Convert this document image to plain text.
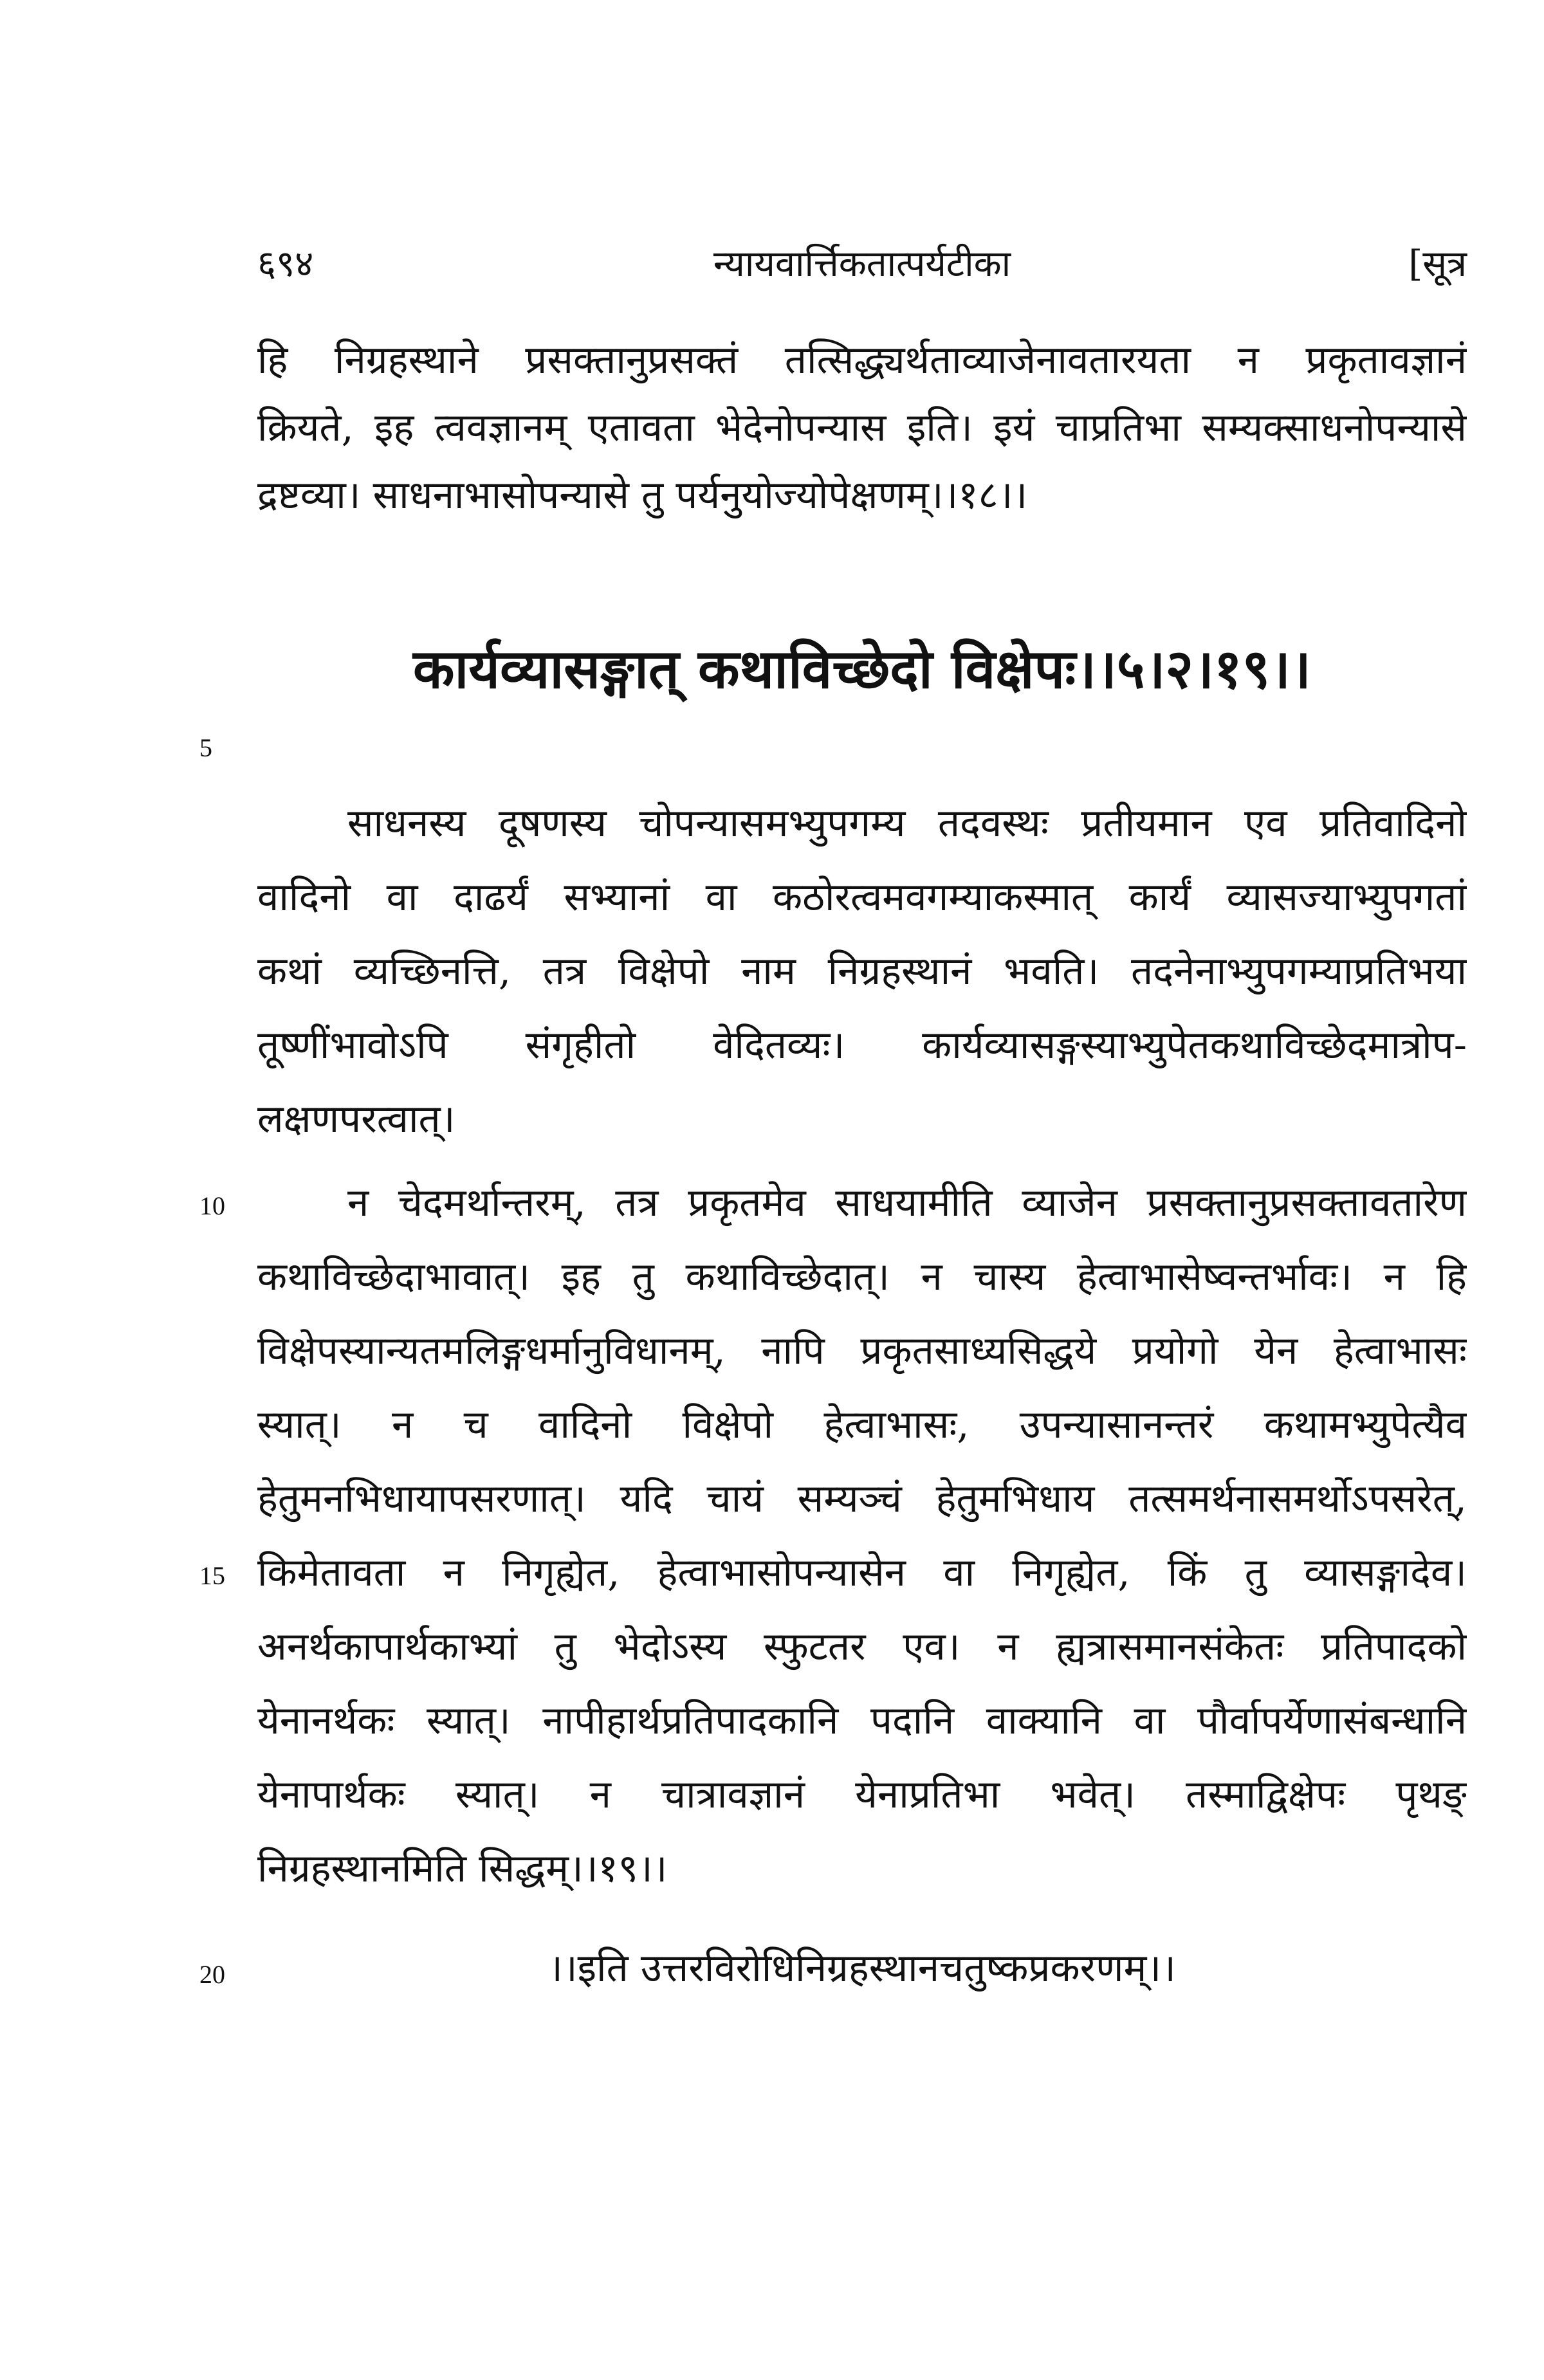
६९४	न्यायवार्त्तिकतात्पर्यटीका	[सूत्र
हि निग्रहस्थाने प्रसक्तानुप्रसक्तं तत्सिद्ध्यर्थताव्याजेनावतारयता न प्रकृतावज्ञानं
क्रियते, इह त्ववज्ञानम् एतावता भेदेनोपन्यास इति। इयं चाप्रतिभा सम्यक्साधनोपन्यासे
द्रष्टव्या। साधनाभासोपन्यासे तु पर्यनुयोज्योपेक्षणम्।।१८।।
कार्यव्यासङ्गात् कथाविच्छेदो विक्षेपः।।५।२।१९।।
5
साधनस्य दूषणस्य चोपन्यासमभ्युपगम्य तदवस्थः प्रतीयमान एव प्रतिवादिनो
वादिनो वा दाढर्यं सभ्यानां वा कठोरत्वमवगम्याकस्मात् कार्यं व्यासज्याभ्युपगतां
कथां व्यच्छिनत्ति, तत्र विक्षेपो नाम निग्रहस्थानं भवति। तदनेनाभ्युपगम्याप्रतिभया
तूष्णींभावोऽपि संगृहीतो वेदितव्यः। कार्यव्यासङ्गस्याभ्युपेतकथाविच्छेदमात्रोप-
लक्षणपरत्वात्।
10	न चेदमर्थान्तरम्, तत्र प्रकृतमेव साधयामीति व्याजेन प्रसक्तानुप्रसक्तावतारेण
कथाविच्छेदाभावात्। इह तु कथाविच्छेदात्। न चास्य हेत्वाभासेष्वन्तर्भावः। न हि
विक्षेपस्यान्यतमलिङ्गधर्मानुविधानम्, नापि प्रकृतसाध्यसिद्धये प्रयोगो येन हेत्वाभासः
स्यात्। न च वादिनो विक्षेपो हेत्वाभासः, उपन्यासानन्तरं कथामभ्युपेत्यैव
हेतुमनभिधायापसरणात्। यदि चायं सम्यञ्चं हेतुमभिधाय तत्समर्थनासमर्थोऽपसरेत्,
15 किमेतावता न निगृह्येत, हेत्वाभासोपन्यासेन वा निगृह्येत, किं तु व्यासङ्गादेव।
अनर्थकापार्थकाभ्यां तु भेदोऽस्य स्फुटतर एव। न ह्यत्रासमानसंकेतः प्रतिपादको
येनानर्थकः स्यात्। नापीहार्थप्रतिपादकानि पदानि वाक्यानि वा पौर्वापर्येणासंबन्धानि
येनापार्थकः स्यात्। न चात्रावज्ञानं येनाप्रतिभा भवेत्। तस्माद्विक्षेपः पृथङ्
निग्रहस्थानमिति सिद्धम्।।१९।।
20	।।इति उत्तरविरोधिनिग्रहस्थानचतुष्कप्रकरणम्।।
